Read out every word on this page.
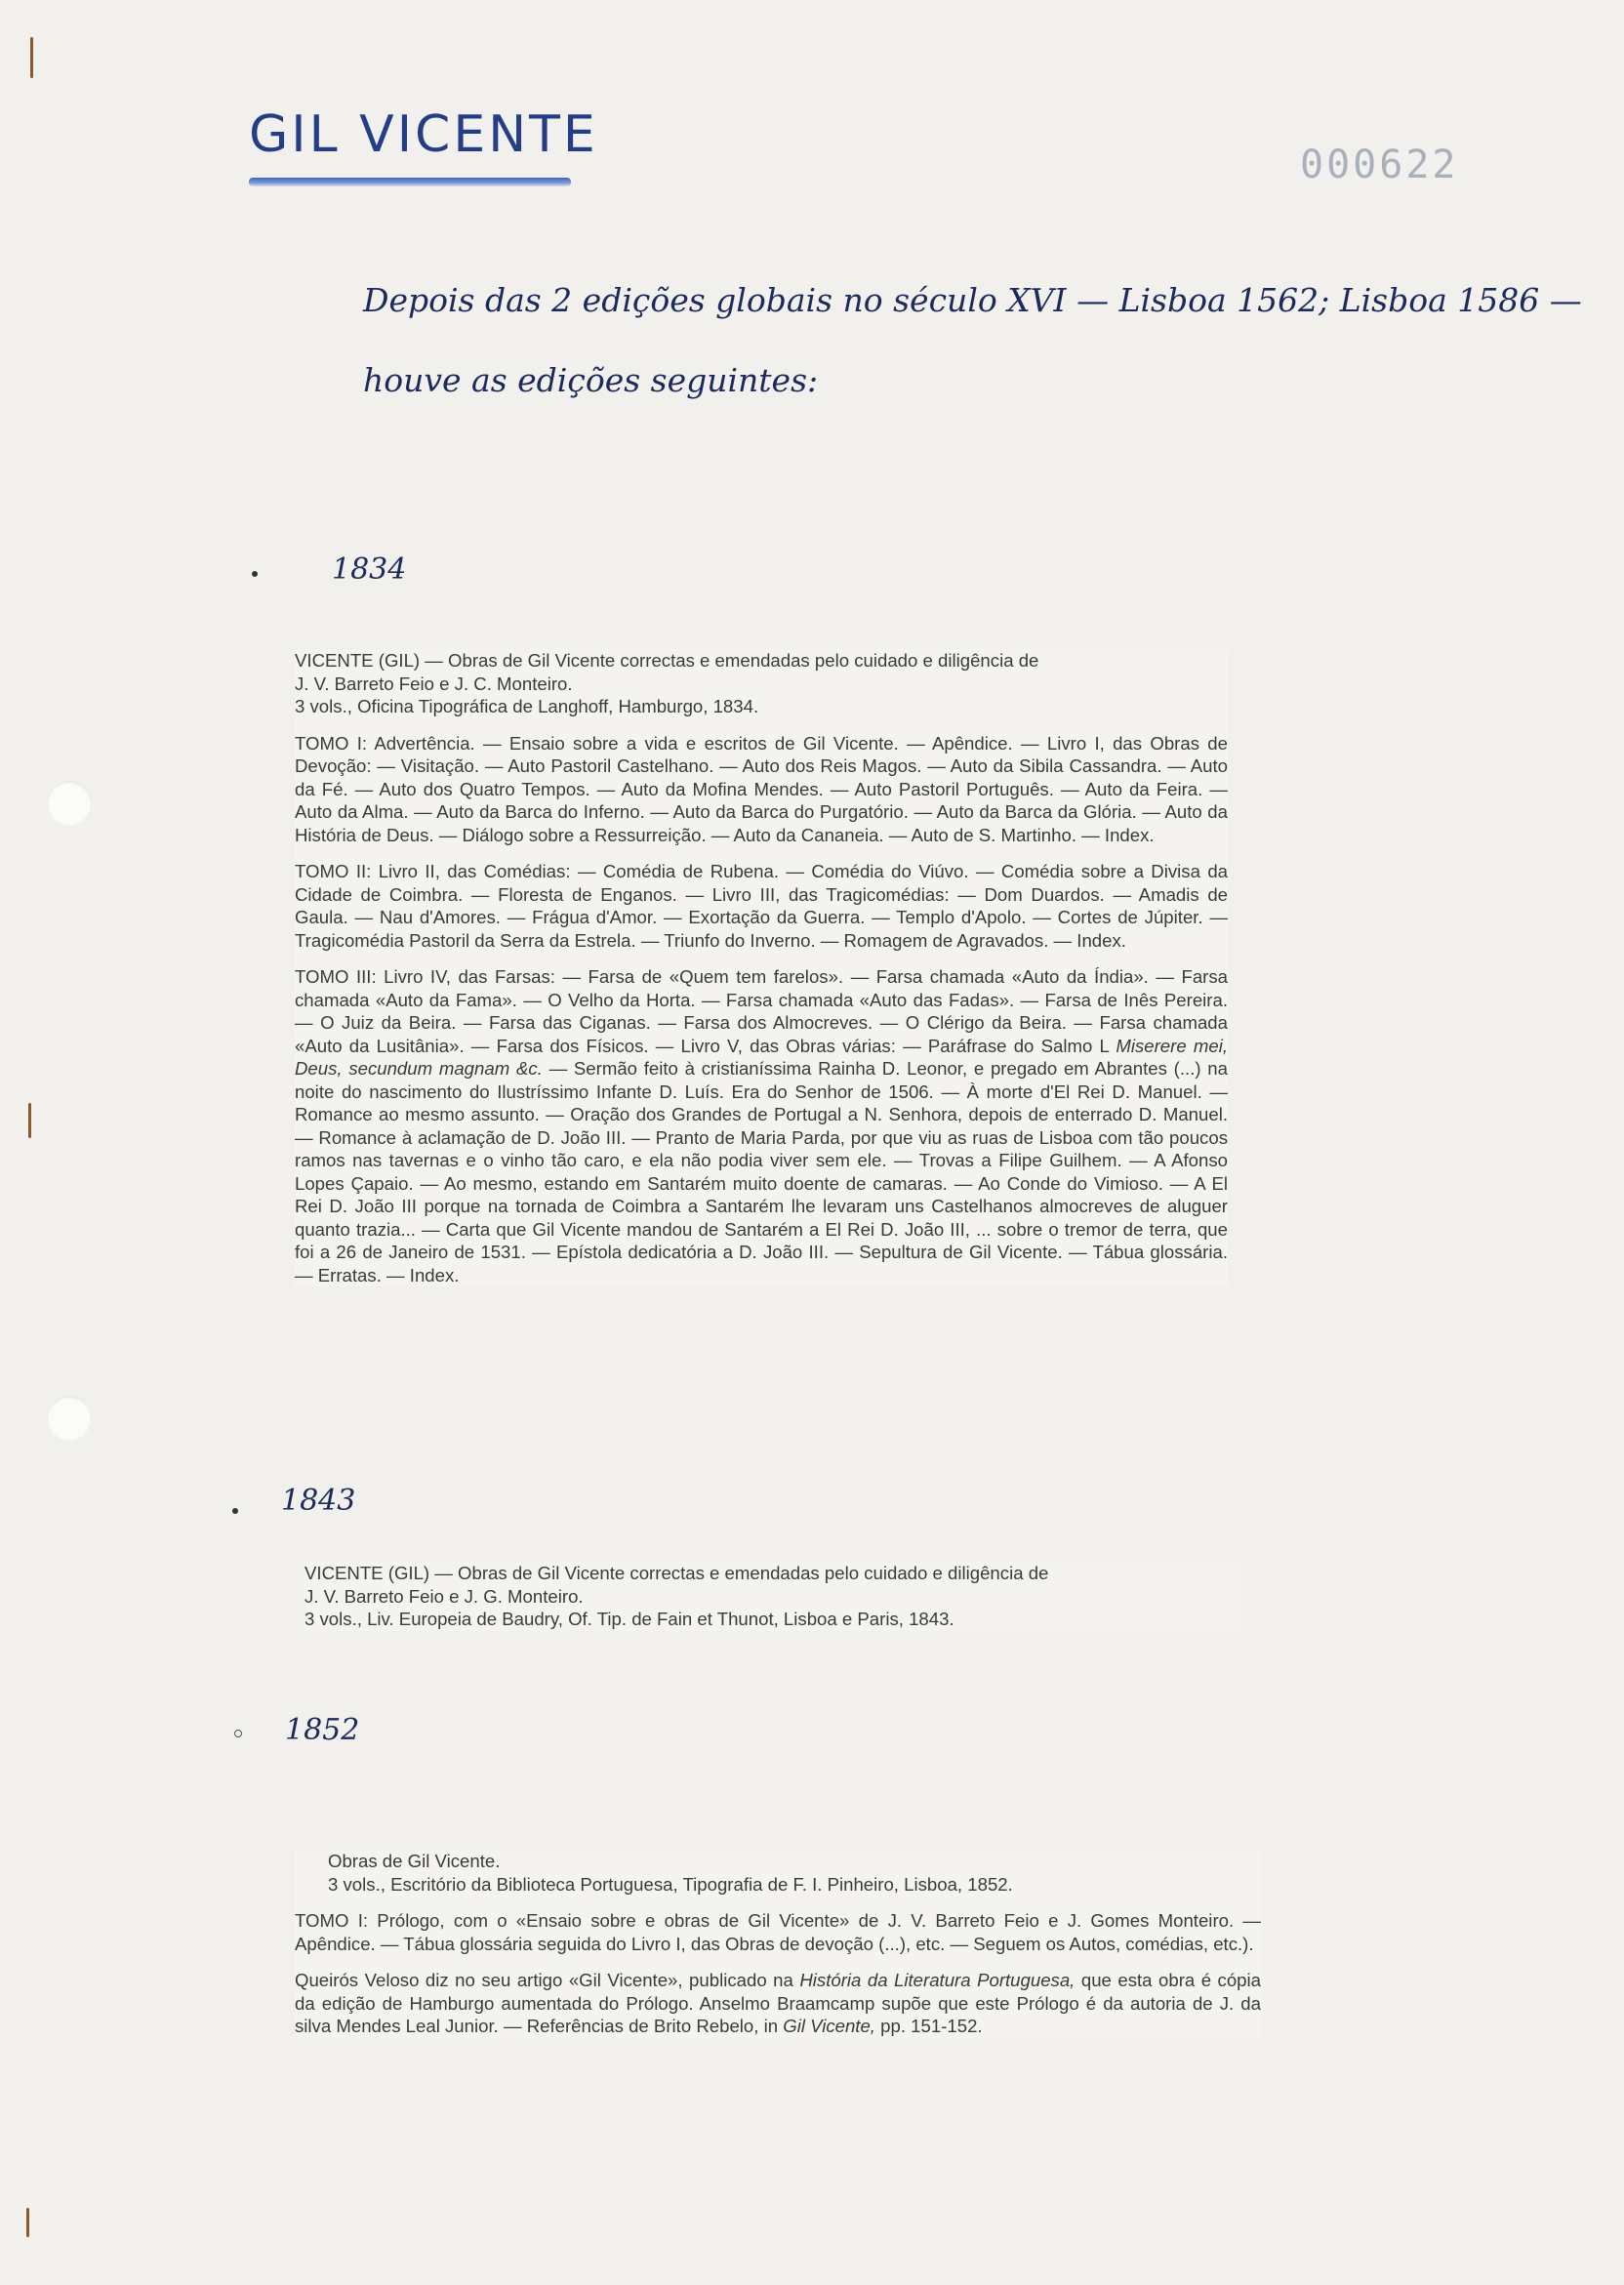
GIL VICENTE
000622
Depois das 2 edições globais no século XVI — Lisboa 1562; Lisboa 1586 —
houve as edições seguintes:
1834

VICENTE (GIL) — Obras de Gil Vicente correctas e emendadas pelo cuidado e diligência de

J. V. Barreto Feio e J. C. Monteiro.

3 vols., Oficina Tipográfica de Langhoff, Hamburgo, 1834.

TOMO I: Advertência. — Ensaio sobre a vida e escritos de Gil Vicente. — Apêndice. — Livro I, das Obras de Devoção: — Visitação. — Auto Pastoril Castelhano. — Auto dos Reis Magos. — Auto da Sibila Cassandra. — Auto da Fé. — Auto dos Quatro Tempos. — Auto da Mofina Mendes. — Auto Pastoril Português. — Auto da Feira. — Auto da Alma. — Auto da Barca do Inferno. — Auto da Barca do Purgatório. — Auto da Barca da Glória. — Auto da História de Deus. — Diálogo sobre a Ressurreição. — Auto da Cananeia. — Auto de S. Martinho. — Index.

TOMO II: Livro II, das Comédias: — Comédia de Rubena. — Comédia do Viúvo. — Comédia sobre a Divisa da Cidade de Coimbra. — Floresta de Enganos. — Livro III, das Tragicomédias: — Dom Duardos. — Amadis de Gaula. — Nau d'Amores. — Frágua d'Amor. — Exortação da Guerra. — Templo d'Apolo. — Cortes de Júpiter. — Tragicomédia Pastoril da Serra da Estrela. — Triunfo do Inverno. — Romagem de Agravados. — Index.

TOMO III: Livro IV, das Farsas: — Farsa de «Quem tem farelos». — Farsa chamada «Auto da Índia». — Farsa chamada «Auto da Fama». — O Velho da Horta. — Farsa chamada «Auto das Fadas». — Farsa de Inês Pereira. — O Juiz da Beira. — Farsa das Ciganas. — Farsa dos Almocreves. — O Clérigo da Beira. — Farsa chamada «Auto da Lusitânia». — Farsa dos Físicos. — Livro V, das Obras várias: — Paráfrase do Salmo L Miserere mei, Deus, secundum magnam &c. — Sermão feito à cristianíssima Rainha D. Leonor, e pregado em Abrantes (...) na noite do nascimento do Ilustríssimo Infante D. Luís. Era do Senhor de 1506. — À morte d'El Rei D. Manuel. — Romance ao mesmo assunto. — Oração dos Grandes de Portugal a N. Senhora, depois de enterrado D. Manuel. — Romance à aclamação de D. João III. — Pranto de Maria Parda, por que viu as ruas de Lisboa com tão poucos ramos nas tavernas e o vinho tão caro, e ela não podia viver sem ele. — Trovas a Filipe Guilhem. — A Afonso Lopes Çapaio. — Ao mesmo, estando em Santarém muito doente de camaras. — Ao Conde do Vimioso. — A El Rei D. João III porque na tornada de Coimbra a Santarém lhe levaram uns Castelhanos almocreves de aluguer quanto trazia... — Carta que Gil Vicente mandou de Santarém a El Rei D. João III, ... sobre o tremor de terra, que foi a 26 de Janeiro de 1531. — Epístola dedicatória a D. João III. — Sepultura de Gil Vicente. — Tábua glossária. — Erratas. — Index.

1843

VICENTE (GIL) — Obras de Gil Vicente correctas e emendadas pelo cuidado e diligência de

J. V. Barreto Feio e J. G. Monteiro.

3 vols., Liv. Europeia de Baudry, Of. Tip. de Fain et Thunot, Lisboa e Paris, 1843.

1852

Obras de Gil Vicente.

3 vols., Escritório da Biblioteca Portuguesa, Tipografia de F. I. Pinheiro, Lisboa, 1852.

TOMO I: Prólogo, com o «Ensaio sobre e obras de Gil Vicente» de J. V. Barreto Feio e J. Gomes Monteiro. — Apêndice. — Tábua glossária seguida do Livro I, das Obras de devoção (...), etc. — Seguem os Autos, comédias, etc.).

Queirós Veloso diz no seu artigo «Gil Vicente», publicado na História da Literatura Portuguesa, que esta obra é cópia da edição de Hamburgo aumentada do Prólogo. Anselmo Braamcamp supõe que este Prólogo é da autoria de J. da silva Mendes Leal Junior. — Referências de Brito Rebelo, in Gil Vicente, pp. 151-152.
